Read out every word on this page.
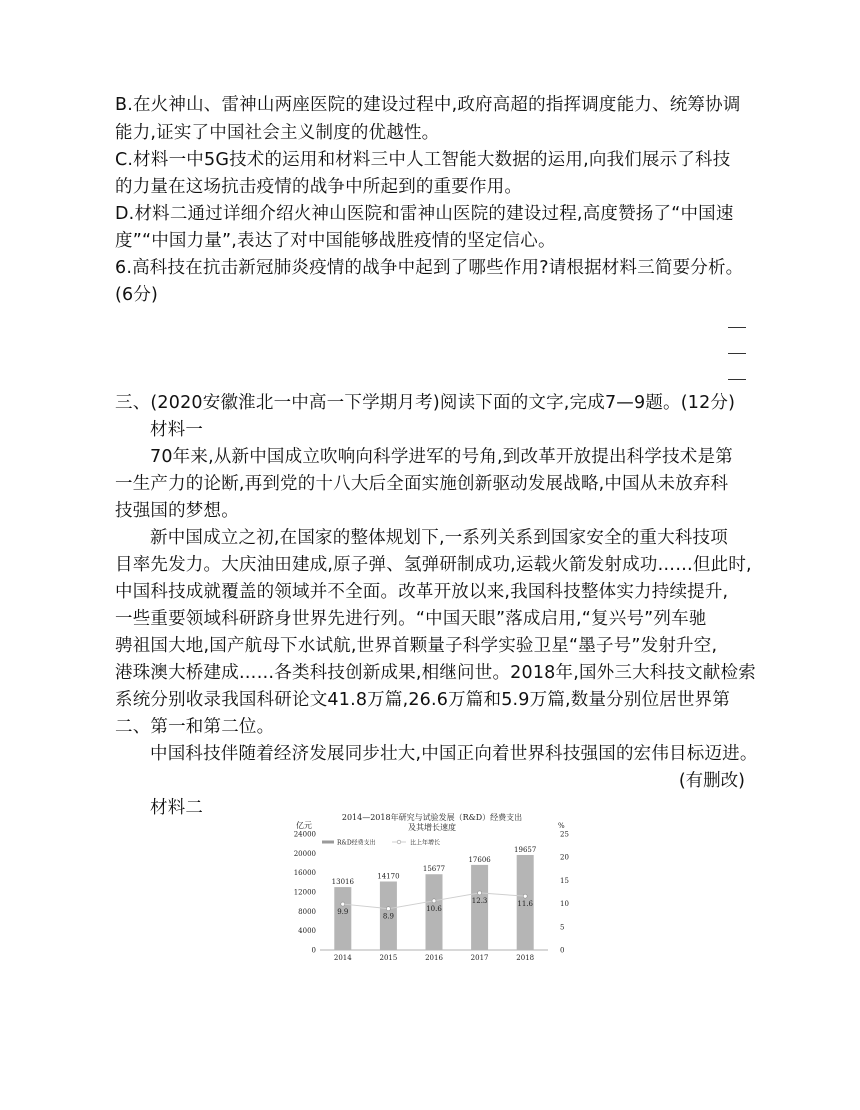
B.在火神山、雷神山两座医院的建设过程中,政府高超的指挥调度能力、统筹协调
能力,证实了中国社会主义制度的优越性。
C.材料一中5G技术的运用和材料三中人工智能大数据的运用,向我们展示了科技
的力量在这场抗击疫情的战争中所起到的重要作用。
D.材料二通过详细介绍火神山医院和雷神山医院的建设过程,高度赞扬了“中国速
度”“中国力量”,表达了对中国能够战胜疫情的坚定信心。
6.高科技在抗击新冠肺炎疫情的战争中起到了哪些作用?请根据材料三简要分析。
(6分)
三、(2020安徽淮北一中高一下学期月考)阅读下面的文字,完成7—9题。(12分)
材料一
70年来,从新中国成立吹响向科学进军的号角,到改革开放提出科学技术是第
一生产力的论断,再到党的十八大后全面实施创新驱动发展战略,中国从未放弃科
技强国的梦想。
新中国成立之初,在国家的整体规划下,一系列关系到国家安全的重大科技项
目率先发力。大庆油田建成,原子弹、氢弹研制成功,运载火箭发射成功……但此时,
中国科技成就覆盖的领域并不全面。改革开放以来,我国科技整体实力持续提升,
一些重要领域科研跻身世界先进行列。“中国天眼”落成启用,“复兴号”列车驰
骋祖国大地,国产航母下水试航,世界首颗量子科学实验卫星“墨子号”发射升空,
港珠澳大桥建成……各类科技创新成果,相继问世。2018年,国外三大科技文献检索
系统分别收录我国科研论文41.8万篇,26.6万篇和5.9万篇,数量分别位居世界第
二、第一和第二位。
中国科技伴随着经济发展同步壮大,中国正向着世界科技强国的宏伟目标迈进。
(有删改)
材料二	2014—2018年研究与试验发展（R&D）经费支出
及其增长速度
亿元	%
R&D经费支出	比上年增长
0
4000
8000
12000
16000
20000
24000
0
5
10
15
20
25
13016
2014
14170
2015
15677
2016
17606
2017
19657
2018
9.9
8.9
10.6
12.3	11.6
